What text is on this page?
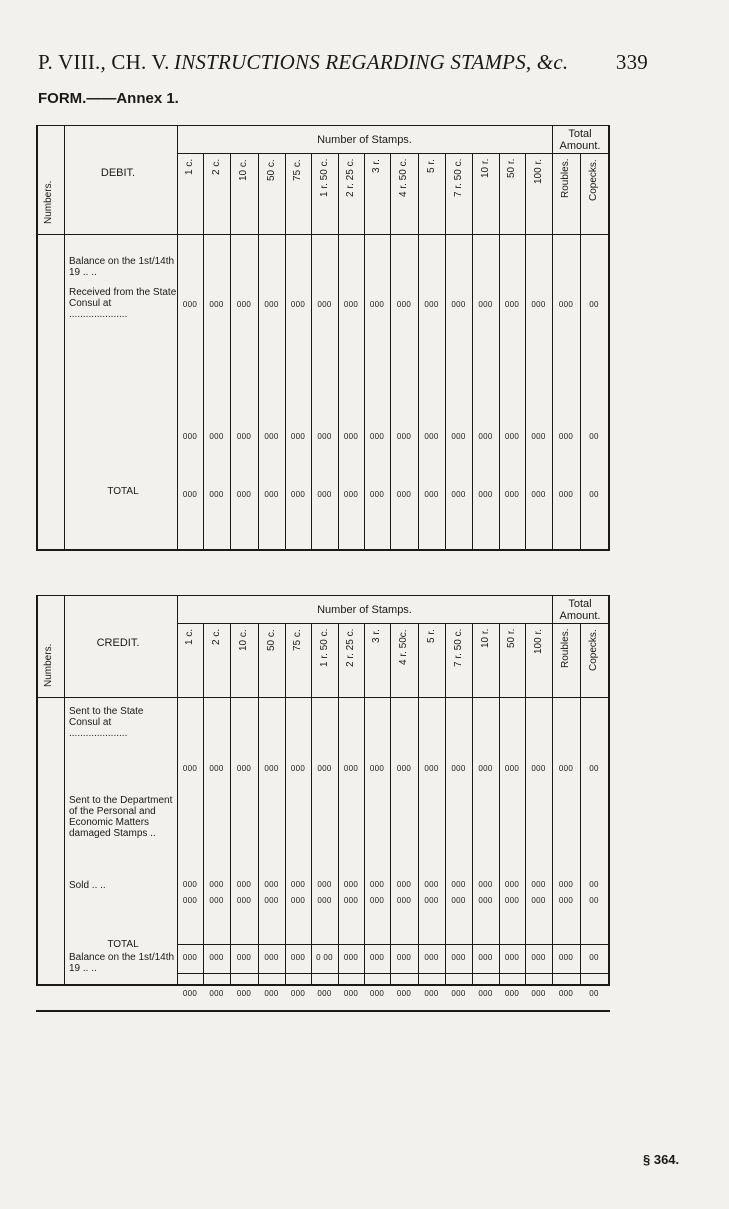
P. VIII., CH. V. INSTRUCTIONS REGARDING STAMPS, &c. 339
FORM.——Annex 1.
Numbers.
DEBIT.
Number of Stamps.	Total Amount.
1 c. 2 c. 10 c. 50 c. 75 c. 1 r. 50 c. 2 r. 25 c. 3 r. 4 r. 50 c. 5 r. 7 r. 50 c. 10 r. 50 r. 100 r. Roubles. Copecks.
Balance on the 1st/14th
19 .. ..
000	000	000	000	000	000	000	000	000	000	000	000	000	000	000	00
Received from the State Consul at
.....................
000	000	000	000	000	000	000	000	000	000	000	000	000	000	000	00
TOTAL	000	000	000	000	000	000	000	000	000	000	000	000	000	000	000	00
Numbers.
CREDIT.
Number of Stamps.	Total Amount.
1 c. 2 c. 10 c. 50 c. 75 c. 1 r. 50 c. 2 r. 25 c. 3 r. 4 r. 50c. 5 r. 7 r. 50 c. 10 r. 50 r. 100 r. Roubles. Copecks.
Sent to the State Consul at
.....................
000	000	000	000	000	000	000	000	000	000	000	000	000	000	000	00
Sent to the Department of the Personal and Economic Matters damaged Stamps ..
000	000	000	000	000	000	000	000	000	000	000	000	000	000	000	00
Sold .. ..
000	000	000	000	000	000	000	000	000	000	000	000	000	000	000	00
TOTAL
000	000	000	000	000	0 00	000	000	000	000	000	000	000	000	000	00
Balance on the 1st/14th
19 .. ..
000	000	000	000	000	000	000	000	000	000	000	000	000	000	000	00
§ 364.
